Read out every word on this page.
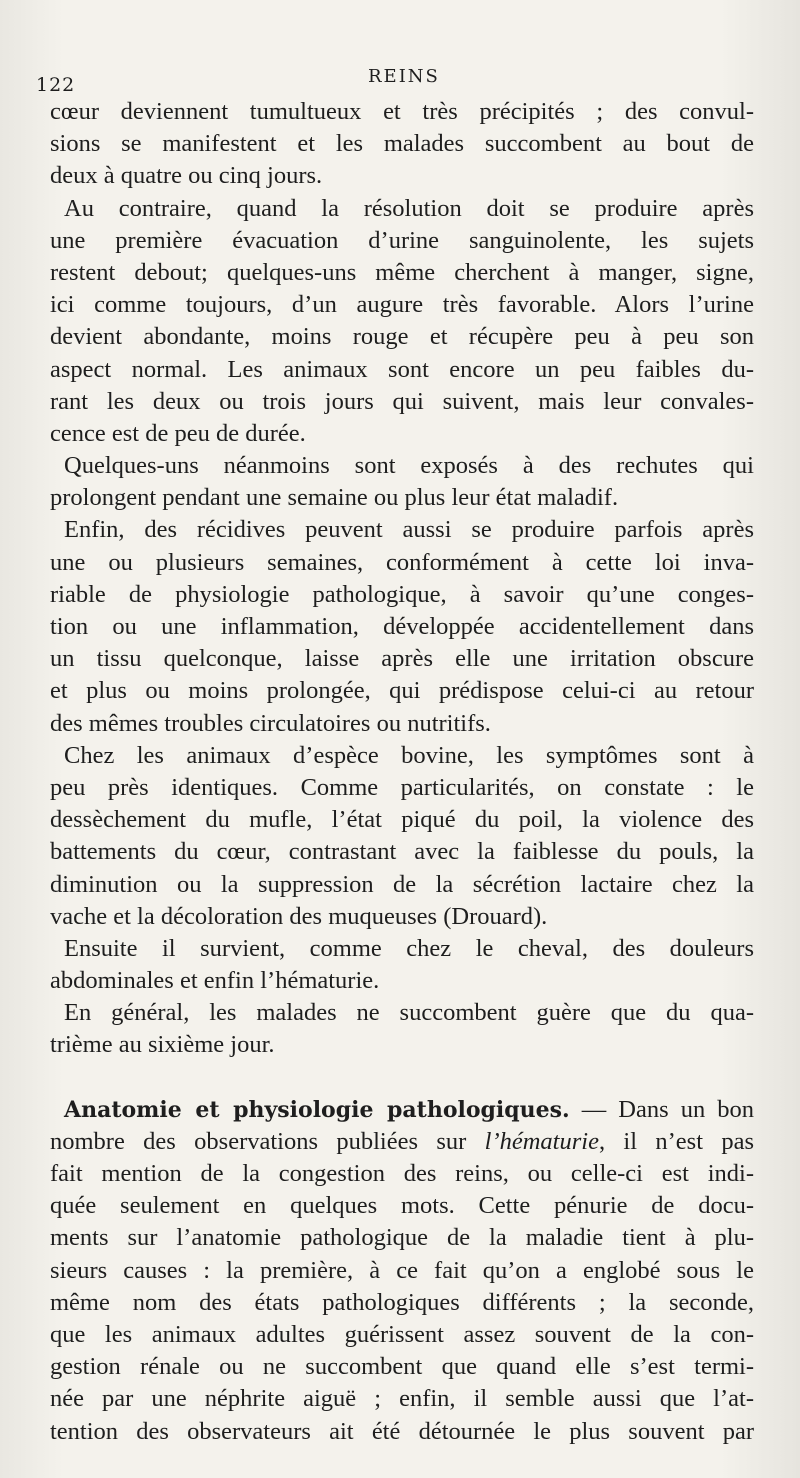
122	REINS
cœur deviennent tumultueux et très précipités ; des convul-
sions se manifestent et les malades succombent au bout de
deux à quatre ou cinq jours.
Au contraire, quand la résolution doit se produire après
une première évacuation d’urine sanguinolente, les sujets
restent debout; quelques-uns même cherchent à manger, signe,
ici comme toujours, d’un augure très favorable. Alors l’urine
devient abondante, moins rouge et récupère peu à peu son
aspect normal. Les animaux sont encore un peu faibles du-
rant les deux ou trois jours qui suivent, mais leur convales-
cence est de peu de durée.
Quelques-uns néanmoins sont exposés à des rechutes qui
prolongent pendant une semaine ou plus leur état maladif.
Enfin, des récidives peuvent aussi se produire parfois après
une ou plusieurs semaines, conformément à cette loi inva-
riable de physiologie pathologique, à savoir qu’une conges-
tion ou une inflammation, développée accidentellement dans
un tissu quelconque, laisse après elle une irritation obscure
et plus ou moins prolongée, qui prédispose celui-ci au retour
des mêmes troubles circulatoires ou nutritifs.
Chez les animaux d’espèce bovine, les symptômes sont à
peu près identiques. Comme particularités, on constate : le
dessèchement du mufle, l’état piqué du poil, la violence des
battements du cœur, contrastant avec la faiblesse du pouls, la
diminution ou la suppression de la sécrétion lactaire chez la
vache et la décoloration des muqueuses (Drouard).
Ensuite il survient, comme chez le cheval, des douleurs
abdominales et enfin l’hématurie.
En général, les malades ne succombent guère que du qua-
trième au sixième jour.
Anatomie et physiologie pathologiques. — Dans un bon
nombre des observations publiées sur l’hématurie, il n’est pas
fait mention de la congestion des reins, ou celle-ci est indi-
quée seulement en quelques mots. Cette pénurie de docu-
ments sur l’anatomie pathologique de la maladie tient à plu-
sieurs causes : la première, à ce fait qu’on a englobé sous le
même nom des états pathologiques différents ; la seconde,
que les animaux adultes guérissent assez souvent de la con-
gestion rénale ou ne succombent que quand elle s’est termi-
née par une néphrite aiguë ; enfin, il semble aussi que l’at-
tention des observateurs ait été détournée le plus souvent par
